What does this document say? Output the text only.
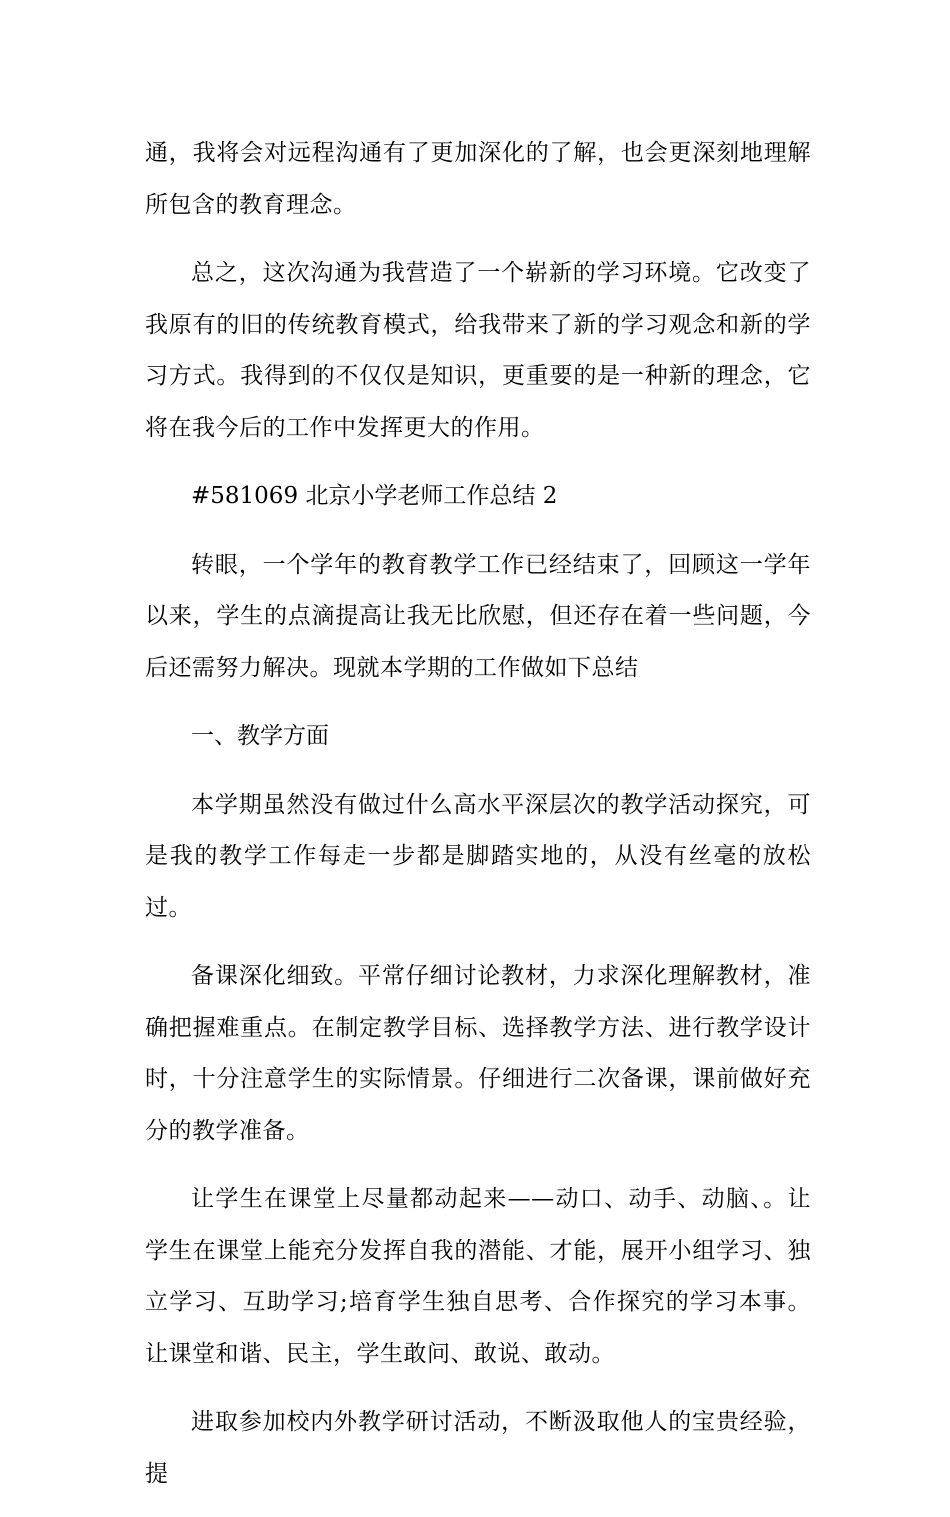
通，我将会对远程沟通有了更加深化的了解，也会更深刻地理解所包含的教育理念。

总之，这次沟通为我营造了一个崭新的学习环境。它改变了我原有的旧的传统教育模式，给我带来了新的学习观念和新的学习方式。我得到的不仅仅是知识，更重要的是一种新的理念，它将在我今后的工作中发挥更大的作用。

#581069 北京小学老师工作总结 2

转眼，一个学年的教育教学工作已经结束了，回顾这一学年以来，学生的点滴提高让我无比欣慰，但还存在着一些问题，今后还需努力解决。现就本学期的工作做如下总结

一、教学方面

本学期虽然没有做过什么高水平深层次的教学活动探究，可是我的教学工作每走一步都是脚踏实地的，从没有丝毫的放松过。

备课深化细致。平常仔细讨论教材，力求深化理解教材，准确把握难重点。在制定教学目标、选择教学方法、进行教学设计时，十分注意学生的实际情景。仔细进行二次备课，课前做好充分的教学准备。

让学生在课堂上尽量都动起来——动口、动手、动脑、。让学生在课堂上能充分发挥自我的潜能、才能，展开小组学习、独立学习、互助学习;培育学生独自思考、合作探究的学习本事。让课堂和谐、民主，学生敢问、敢说、敢动。

进取参加校内外教学研讨活动，不断汲取他人的宝贵经验，提
